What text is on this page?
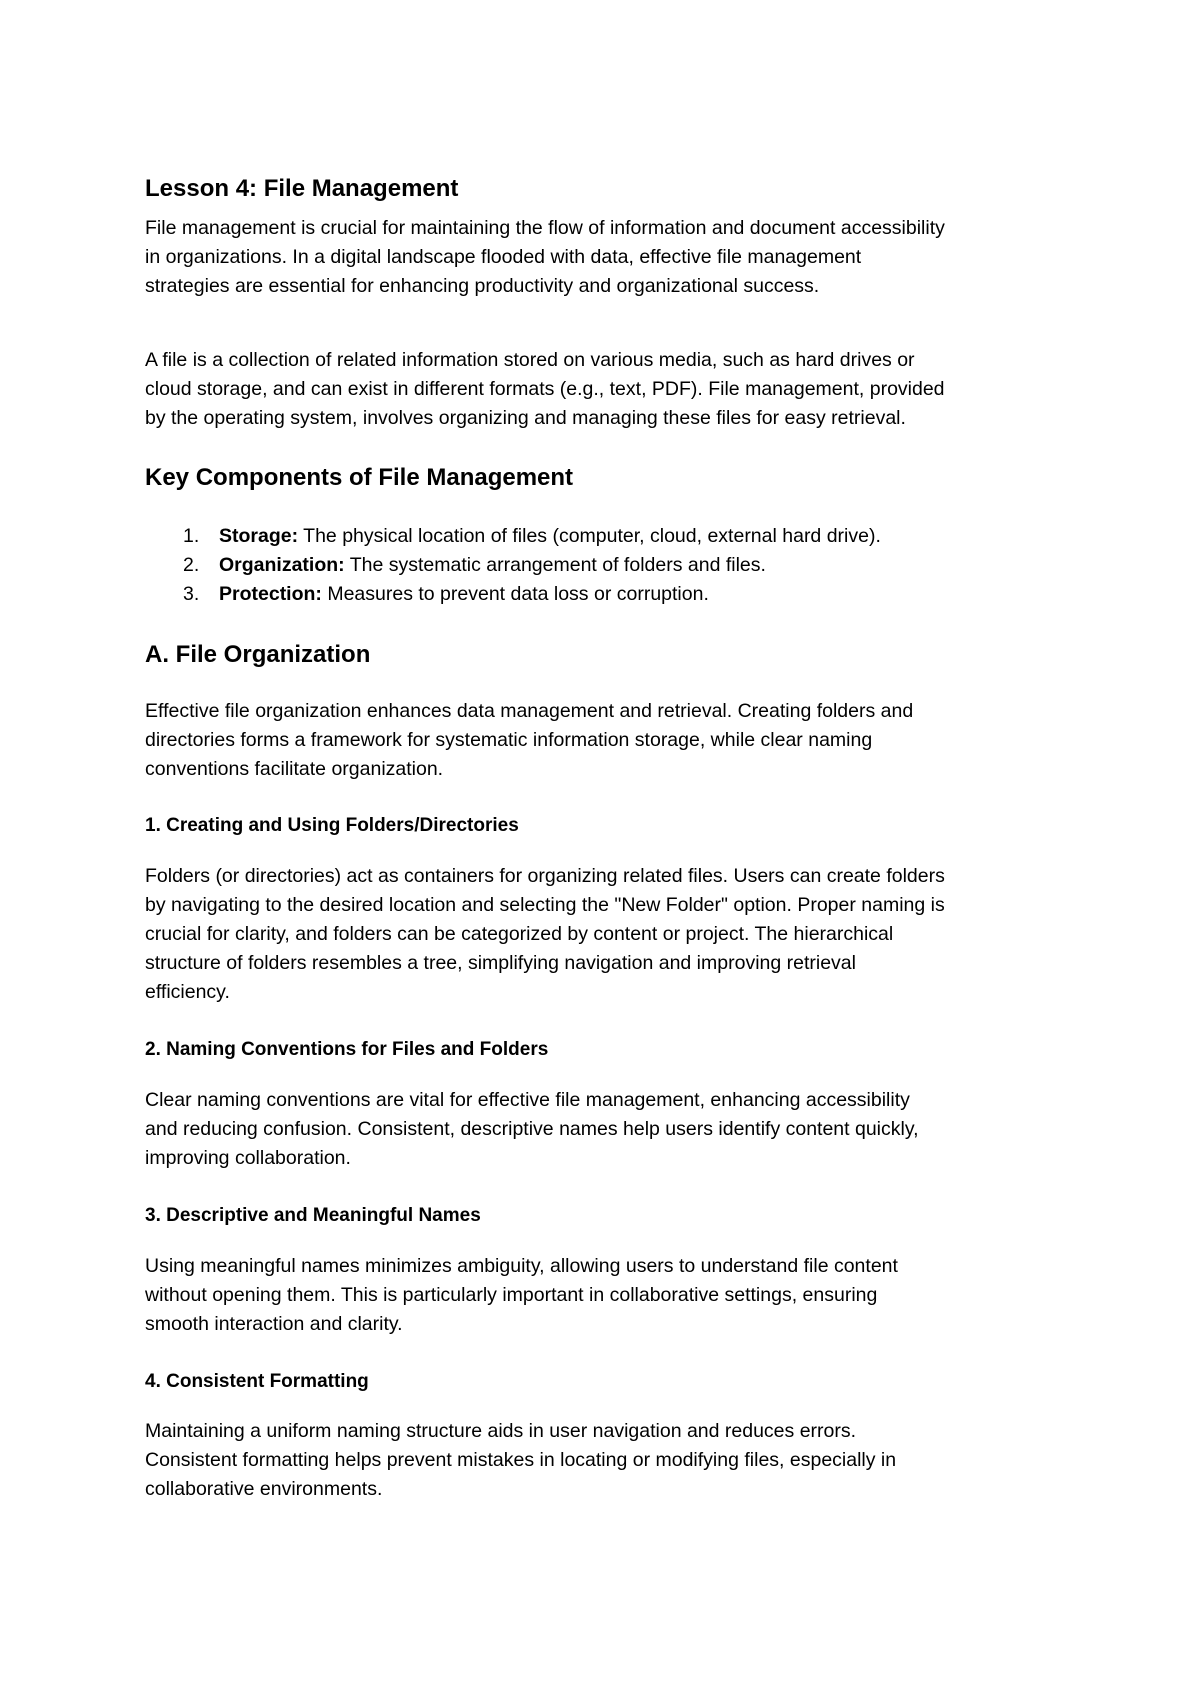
Lesson 4: File Management
File management is crucial for maintaining the flow of information and document accessibility
in organizations. In a digital landscape flooded with data, effective file management
strategies are essential for enhancing productivity and organizational success.
A file is a collection of related information stored on various media, such as hard drives or
cloud storage, and can exist in different formats (e.g., text, PDF). File management, provided
by the operating system, involves organizing and managing these files for easy retrieval.
Key Components of File Management
1. Storage: The physical location of files (computer, cloud, external hard drive).
2. Organization: The systematic arrangement of folders and files.
3. Protection: Measures to prevent data loss or corruption.
A. File Organization
Effective file organization enhances data management and retrieval. Creating folders and
directories forms a framework for systematic information storage, while clear naming
conventions facilitate organization.
1. Creating and Using Folders/Directories
Folders (or directories) act as containers for organizing related files. Users can create folders
by navigating to the desired location and selecting the "New Folder" option. Proper naming is
crucial for clarity, and folders can be categorized by content or project. The hierarchical
structure of folders resembles a tree, simplifying navigation and improving retrieval
efficiency.
2. Naming Conventions for Files and Folders
Clear naming conventions are vital for effective file management, enhancing accessibility
and reducing confusion. Consistent, descriptive names help users identify content quickly,
improving collaboration.
3. Descriptive and Meaningful Names
Using meaningful names minimizes ambiguity, allowing users to understand file content
without opening them. This is particularly important in collaborative settings, ensuring
smooth interaction and clarity.
4. Consistent Formatting
Maintaining a uniform naming structure aids in user navigation and reduces errors.
Consistent formatting helps prevent mistakes in locating or modifying files, especially in
collaborative environments.
